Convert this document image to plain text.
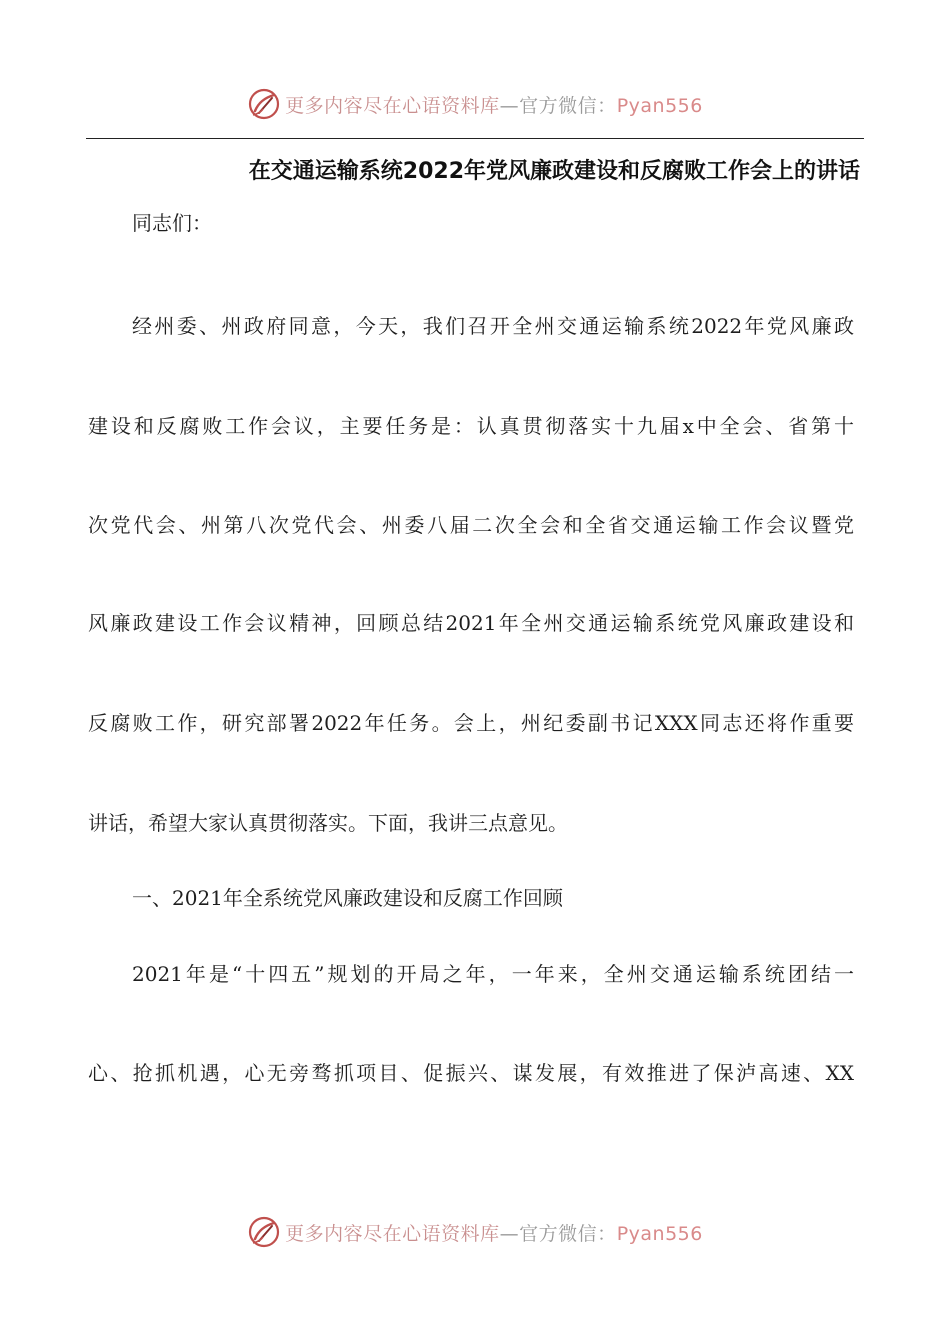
更多内容尽在心语资料库—官方微信：Pyan556
在交通运输系统2022年党风廉政建设和反腐败工作会上的讲话
同志们：
经州委、州政府同意，今天，我们召开全州交通运输系统2022年党风廉政
建设和反腐败工作会议，主要任务是：认真贯彻落实十九届x中全会、省第十
次党代会、州第八次党代会、州委八届二次全会和全省交通运输工作会议暨党
风廉政建设工作会议精神，回顾总结2021年全州交通运输系统党风廉政建设和
反腐败工作，研究部署2022年任务。会上，州纪委副书记XXX同志还将作重要
讲话，希望大家认真贯彻落实。下面，我讲三点意见。
一、2021年全系统党风廉政建设和反腐工作回顾
2021年是“十四五”规划的开局之年，一年来，全州交通运输系统团结一
心、抢抓机遇，心无旁骛抓项目、促振兴、谋发展，有效推进了保泸高速、XX
更多内容尽在心语资料库—官方微信：Pyan556
